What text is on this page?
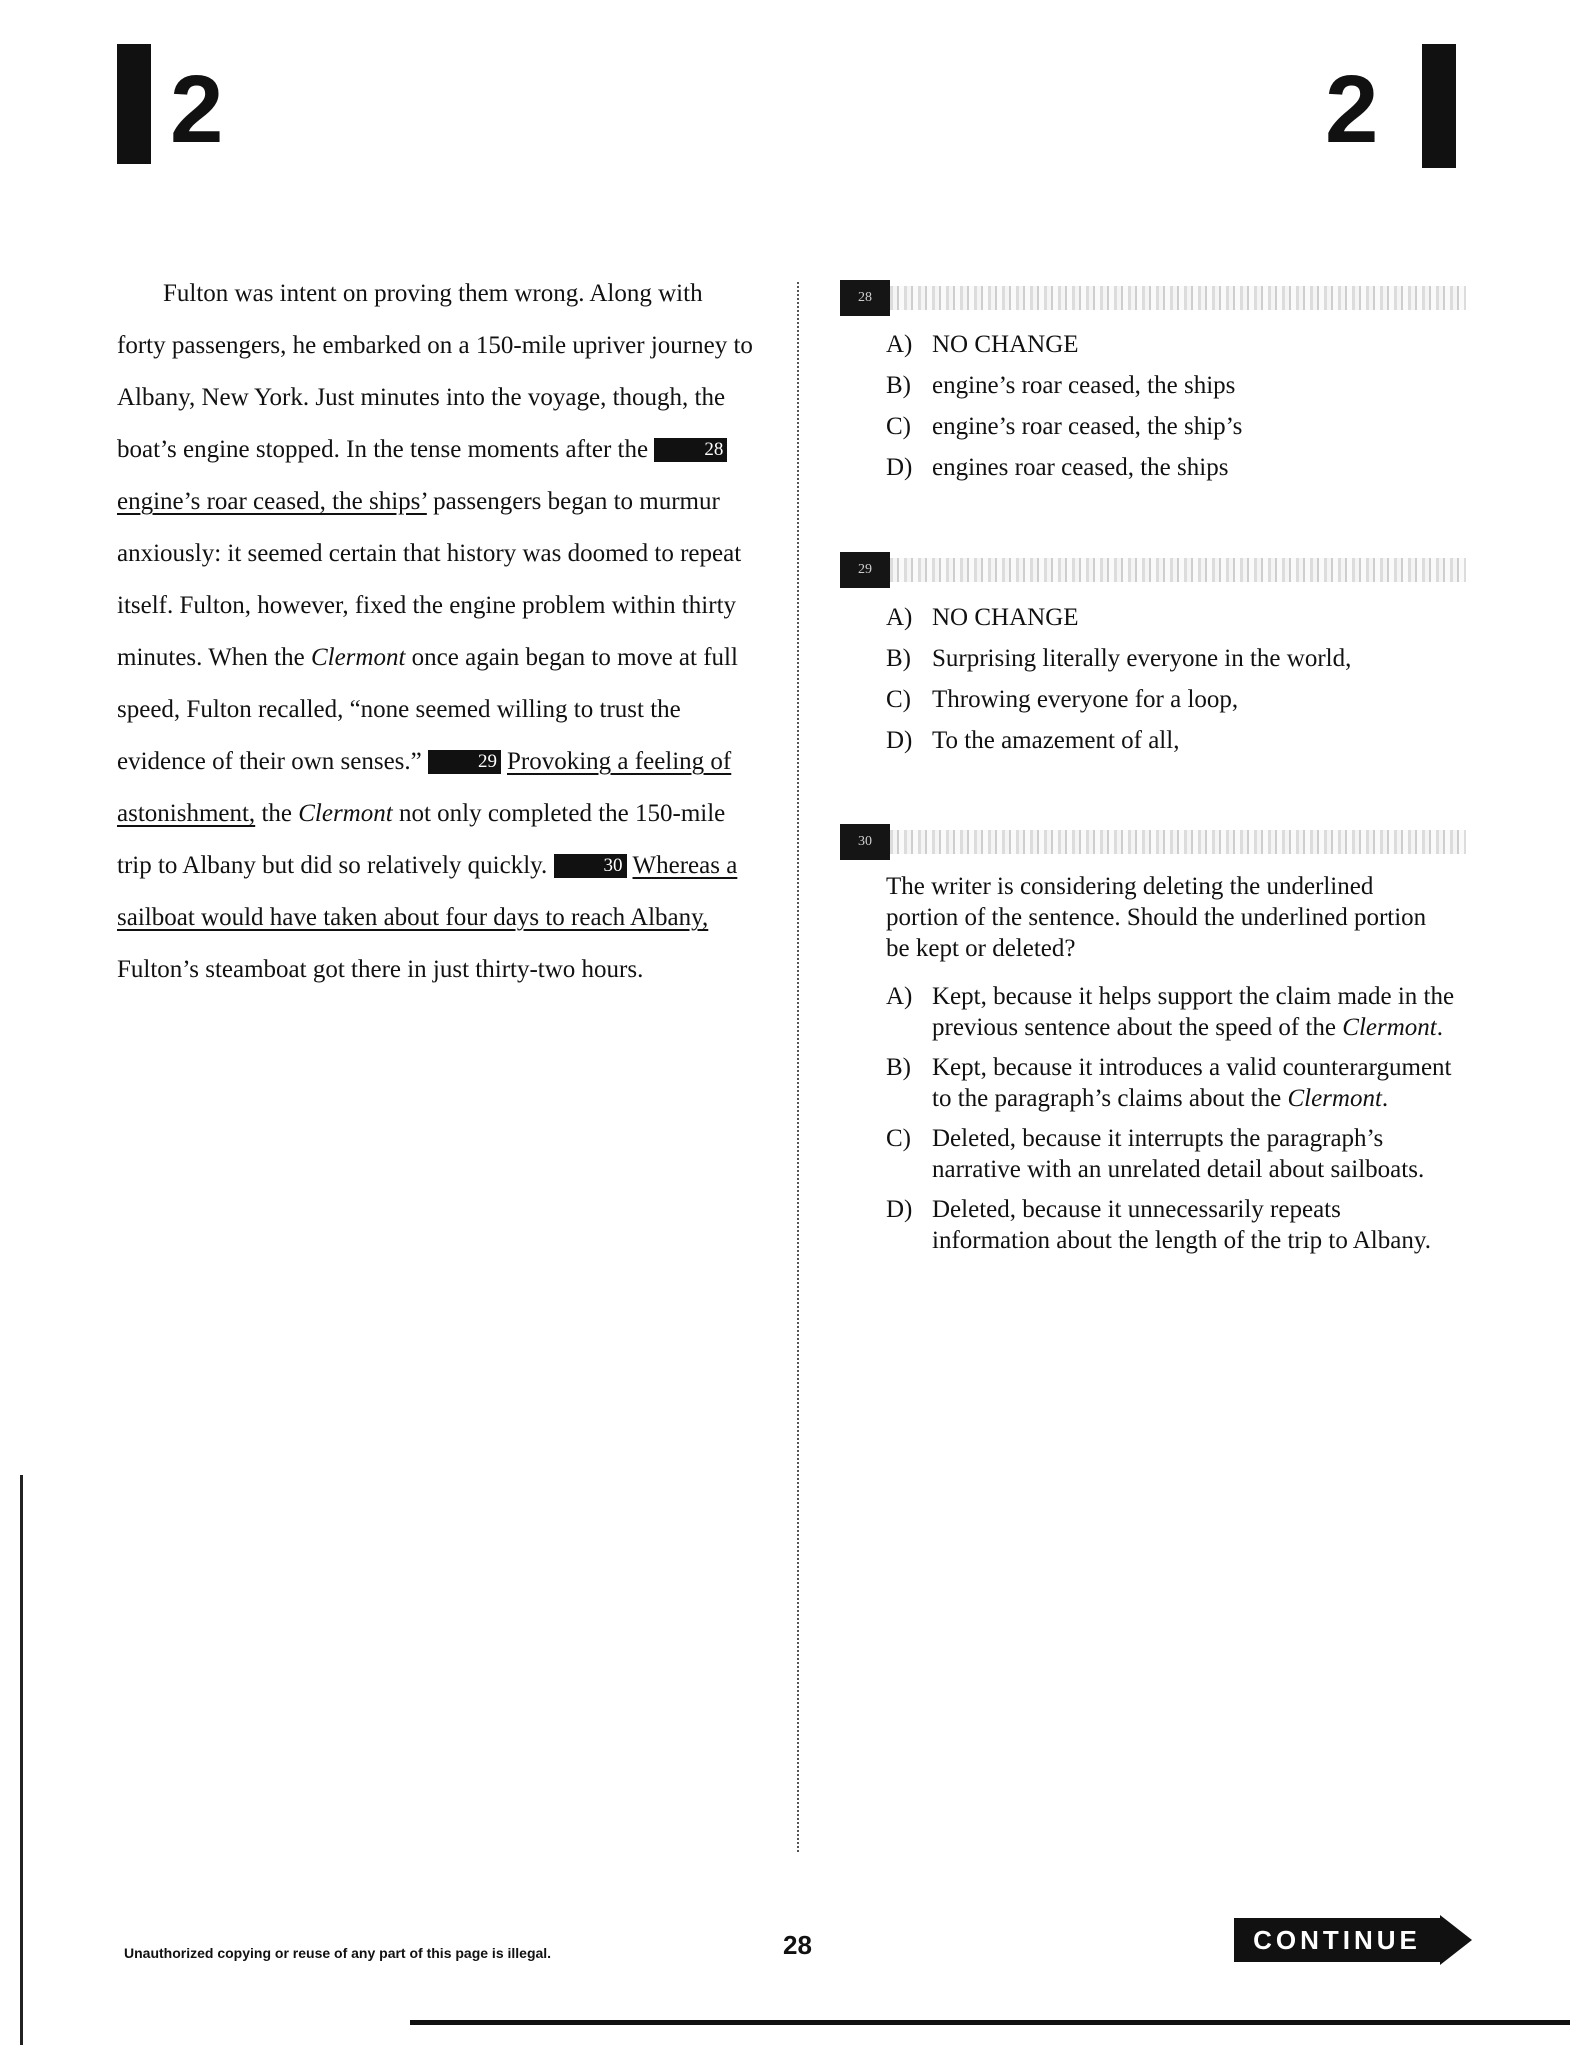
2	2

Fulton was intent on proving them wrong. Along with forty passengers, he embarked on a 150-mile upriver journey to Albany, New York. Just minutes into the voyage, though, the boat’s engine stopped. In the tense moments after the	28engine’s roar ceased, the ships’ passengers began to murmur anxiously: it seemed certain that history was doomed to repeat itself. Fulton, however, fixed the engine problem within thirty minutes. When the Clermont once again began to move at full speed, Fulton recalled, “none seemed willing to trust the evidence of their own senses.”	29 Provoking a feeling of astonishment, the Clermont not only completed the 150-mile trip to Albany but did so relatively quickly.	30 Whereas a sailboat would have taken about four days to reach Albany, Fulton’s steamboat got there in just thirty-two hours.

28
A) NO CHANGE
B) engine’s roar ceased, the ships
C) engine’s roar ceased, the ship’s
D) engines roar ceased, the ships
29
A) NO CHANGE
B) Surprising literally everyone in the world,
C) Throwing everyone for a loop,
D) To the amazement of all,
30
The writer is considering deleting the underlined portion of the sentence. Should the underlined portion be kept or deleted?
A) Kept, because it helps support the claim made in the previous sentence about the speed of the Clermont.
B) Kept, because it introduces a valid counterargument to the paragraph’s claims about the Clermont.
C) Deleted, because it interrupts the paragraph’s narrative with an unrelated detail about sailboats.
D) Deleted, because it unnecessarily repeats information about the length of the trip to Albany.
Unauthorized copying or reuse of any part of this page is illegal.	28	CONTINUE
